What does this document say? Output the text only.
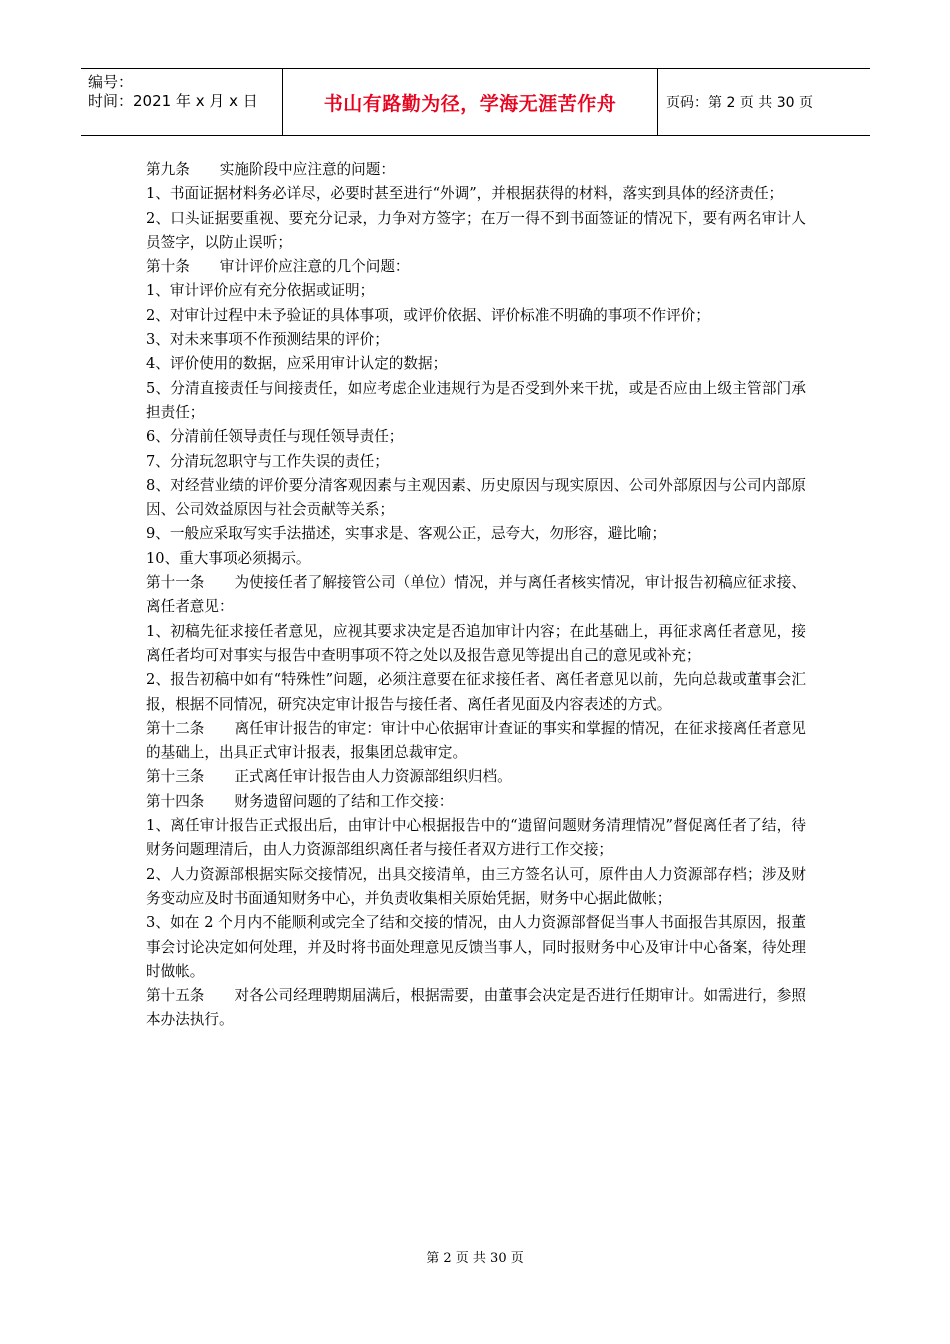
编号：
时间：2021 年 x 月 x 日	书山有路勤为径，学海无涯苦作舟	页码：第 2 页 共 30 页

第九条 实施阶段中应注意的问题：

1、书面证据材料务必详尽，必要时甚至进行“外调”，并根据获得的材料，落实到具体的经济责任；

2、口头证据要重视、要充分记录，力争对方签字；在万一得不到书面签证的情况下，要有两名审计人员签字，以防止误听；

第十条 审计评价应注意的几个问题：

1、审计评价应有充分依据或证明；

2、对审计过程中未予验证的具体事项，或评价依据、评价标准不明确的事项不作评价；

3、对未来事项不作预测结果的评价；

4、评价使用的数据，应采用审计认定的数据；

5、分清直接责任与间接责任，如应考虑企业违规行为是否受到外来干扰，或是否应由上级主管部门承担责任；

6、分清前任领导责任与现任领导责任；

7、分清玩忽职守与工作失误的责任；

8、对经营业绩的评价要分清客观因素与主观因素、历史原因与现实原因、公司外部原因与公司内部原因、公司效益原因与社会贡献等关系；

9、一般应采取写实手法描述，实事求是、客观公正，忌夸大，勿形容，避比喻；

10、重大事项必须揭示。

第十一条 为使接任者了解接管公司（单位）情况，并与离任者核实情况，审计报告初稿应征求接、离任者意见：

1、初稿先征求接任者意见，应视其要求决定是否追加审计内容；在此基础上，再征求离任者意见，接离任者均可对事实与报告中查明事项不符之处以及报告意见等提出自己的意见或补充；

2、报告初稿中如有“特殊性”问题，必须注意要在征求接任者、离任者意见以前，先向总裁或董事会汇报，根据不同情况，研究决定审计报告与接任者、离任者见面及内容表述的方式。

第十二条 离任审计报告的审定：审计中心依据审计查证的事实和掌握的情况，在征求接离任者意见的基础上，出具正式审计报表，报集团总裁审定。

第十三条 正式离任审计报告由人力资源部组织归档。

第十四条 财务遗留问题的了结和工作交接：

1、离任审计报告正式报出后，由审计中心根据报告中的“遗留问题财务清理情况”督促离任者了结，待财务问题理清后，由人力资源部组织离任者与接任者双方进行工作交接；

2、人力资源部根据实际交接情况，出具交接清单，由三方签名认可，原件由人力资源部存档；涉及财务变动应及时书面通知财务中心，并负责收集相关原始凭据，财务中心据此做帐；

3、如在 2 个月内不能顺利或完全了结和交接的情况，由人力资源部督促当事人书面报告其原因，报董事会讨论决定如何处理，并及时将书面处理意见反馈当事人，同时报财务中心及审计中心备案，待处理时做帐。

第十五条 对各公司经理聘期届满后，根据需要，由董事会决定是否进行任期审计。如需进行，参照本办法执行。

第 2 页 共 30 页
